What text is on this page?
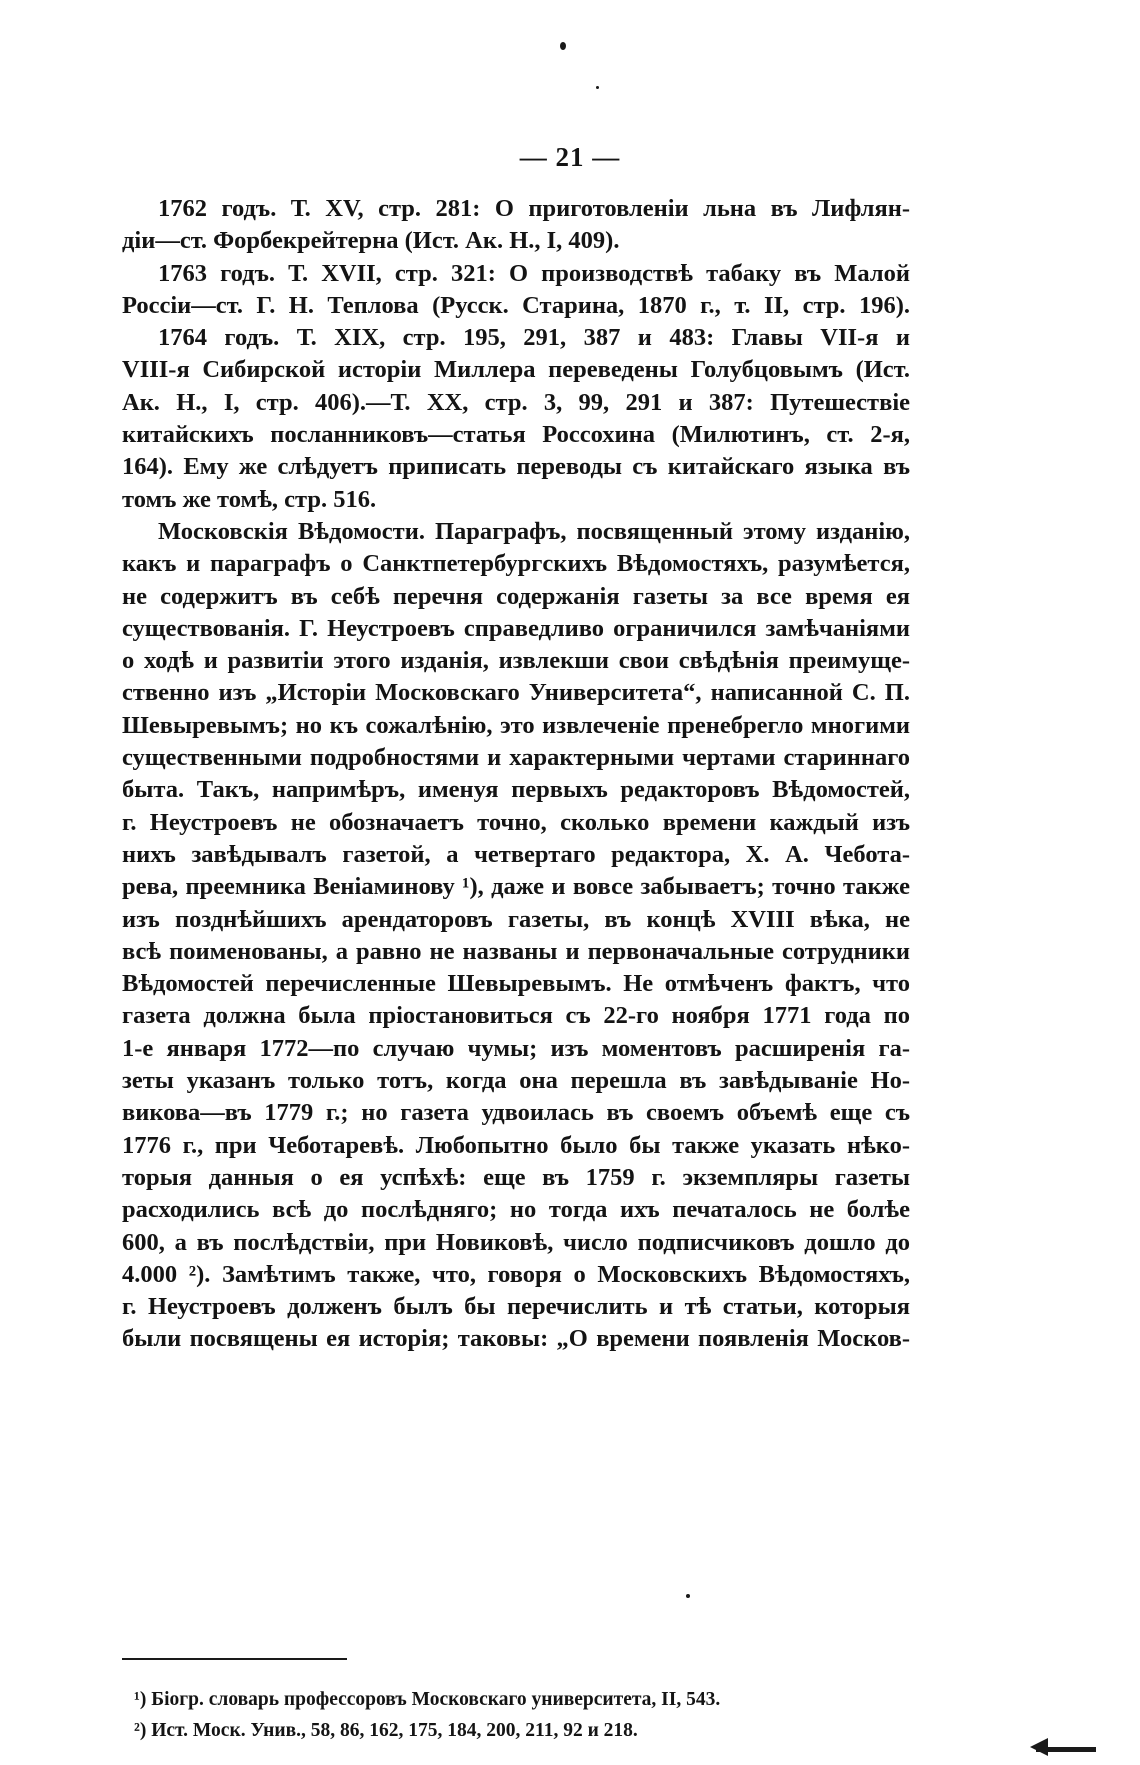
— 21 —
1762 годъ. Т. XV, стр. 281: О приготовленіи льна въ Лифлян-
діи—ст. Форбекрейтерна (Ист. Ак. Н., I, 409).
1763 годъ. Т. XVII, стр. 321: О производствѣ табаку въ Малой
Россіи—ст. Г. Н. Теплова (Русск. Старина, 1870 г., т. II, стр. 196).
1764 годъ. Т. XIX, стр. 195, 291, 387 и 483: Главы VII-я и
VIII-я Сибирской исторіи Миллера переведены Голубцовымъ (Ист.
Ак. Н., I, стр. 406).—Т. XX, стр. 3, 99, 291 и 387: Путешествіе
китайскихъ посланниковъ—статья Россохина (Милютинъ, ст. 2-я,
164). Ему же слѣдуетъ приписать переводы съ китайскаго языка въ
томъ же томѣ, стр. 516.
Московскія Вѣдомости. Параграфъ, посвященный этому изданію,
какъ и параграфъ о Санктпетербургскихъ Вѣдомостяхъ, разумѣется,
не содержитъ въ себѣ перечня содержанія газеты за все время ея
существованія. Г. Неустроевъ справедливо ограничился замѣчаніями
о ходѣ и развитіи этого изданія, извлекши свои свѣдѣнія преимуще-
ственно изъ „Исторіи Московскаго Университета“, написанной С. П.
Шевыревымъ; но къ сожалѣнію, это извлеченіе пренебрегло многими
существенными подробностями и характерными чертами стариннаго
быта. Такъ, напримѣръ, именуя первыхъ редакторовъ Вѣдомостей,
г. Неустроевъ не обозначаетъ точно, сколько времени каждый изъ
нихъ завѣдывалъ газетой, а четвертаго редактора, Х. А. Чебота-
рева, преемника Веніаминову ¹), даже и вовсе забываетъ; точно также
изъ позднѣйшихъ арендаторовъ газеты, въ концѣ XVIII вѣка, не
всѣ поименованы, а равно не названы и первоначальные сотрудники
Вѣдомостей перечисленные Шевыревымъ. Не отмѣченъ фактъ, что
газета должна была пріостановиться съ 22-го ноября 1771 года по
1-е января 1772—по случаю чумы; изъ моментовъ расширенія га-
зеты указанъ только тотъ, когда она перешла въ завѣдываніе Но-
викова—въ 1779 г.; но газета удвоилась въ своемъ объемѣ еще съ
1776 г., при Чеботаревѣ. Любопытно было бы также указать нѣко-
торыя данныя о ея успѣхѣ: еще въ 1759 г. экземпляры газеты
расходились всѣ до послѣдняго; но тогда ихъ печаталось не болѣе
600, а въ послѣдствіи, при Новиковѣ, число подписчиковъ дошло до
4.000 ²). Замѣтимъ также, что, говоря о Московскихъ Вѣдомостяхъ,
г. Неустроевъ долженъ былъ бы перечислить и тѣ статьи, которыя
были посвящены ея исторія; таковы: „О времени появленія Москов-
¹) Біогр. словарь профессоровъ Московскаго университета, II, 543.
²) Ист. Моск. Унив., 58, 86, 162, 175, 184, 200, 211, 92 и 218.
